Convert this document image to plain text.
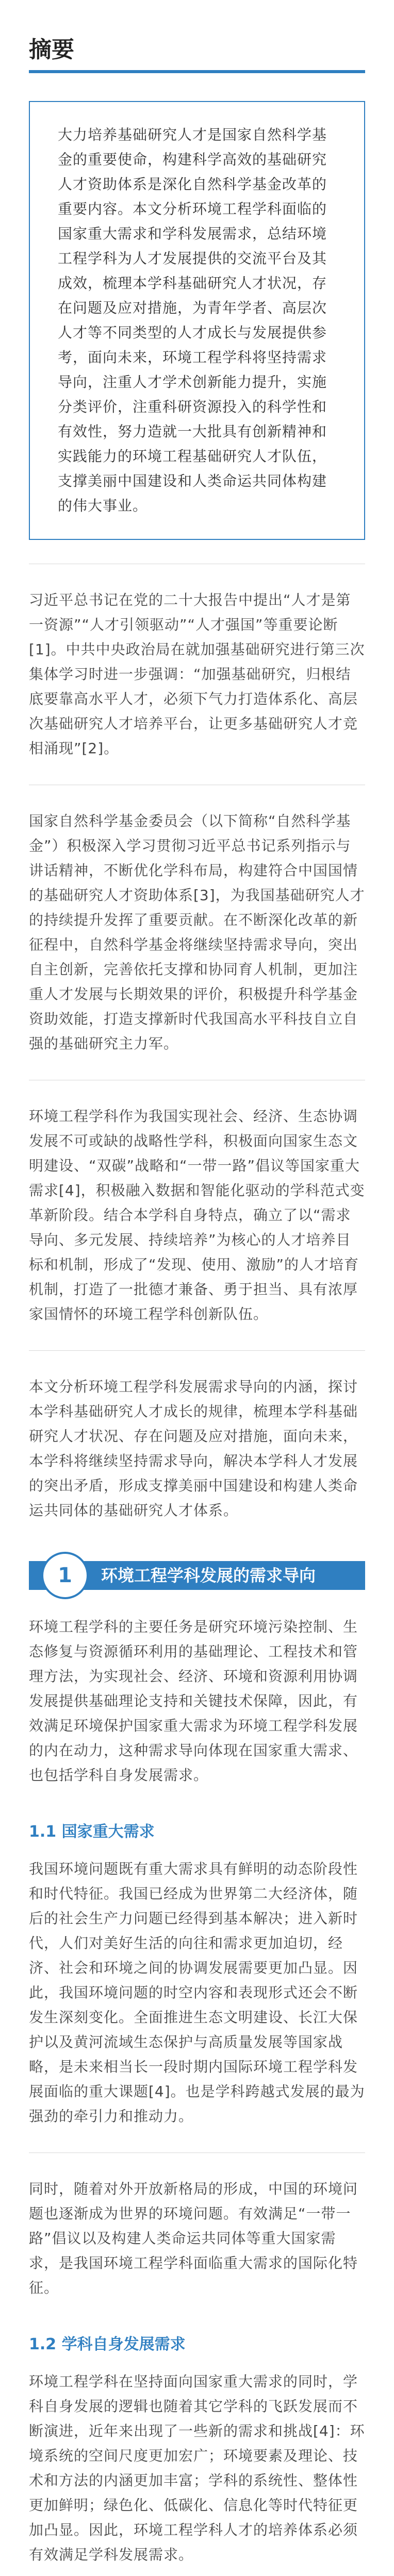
摘要

大力培养基础研究人才是国家自然科学基金的重要使命，构建科学高效的基础研究人才资助体系是深化自然科学基金改革的重要内容。本文分析环境工程学科面临的国家重大需求和学科发展需求，总结环境工程学科为人才发展提供的交流平台及其成效，梳理本学科基础研究人才状况，存在问题及应对措施，为青年学者、高层次人才等不同类型的人才成长与发展提供参考，面向未来，环境工程学科将坚持需求导向，注重人才学术创新能力提升，实施分类评价，注重科研资源投入的科学性和有效性，努力造就一大批具有创新精神和实践能力的环境工程基础研究人才队伍，支撑美丽中国建设和人类命运共同体构建的伟大事业。

习近平总书记在党的二十大报告中提出“人才是第一资源”“人才引领驱动”“人才强国”等重要论断[1]。中共中央政治局在就加强基础研究进行第三次集体学习时进一步强调：“加强基础研究，归根结底要靠高水平人才，必须下气力打造体系化、高层次基础研究人才培养平台，让更多基础研究人才竞相涌现”[2]。

国家自然科学基金委员会（以下简称“自然科学基金”）积极深入学习贯彻习近平总书记系列指示与讲话精神，不断优化学科布局，构建符合中国国情的基础研究人才资助体系[3]，为我国基础研究人才的持续提升发挥了重要贡献。在不断深化改革的新征程中，自然科学基金将继续坚持需求导向，突出自主创新，完善依托支撑和协同育人机制，更加注重人才发展与长期效果的评价，积极提升科学基金资助效能，打造支撑新时代我国高水平科技自立自强的基础研究主力军。

环境工程学科作为我国实现社会、经济、生态协调发展不可或缺的战略性学科，积极面向国家生态文明建设、“双碳”战略和“一带一路”倡议等国家重大需求[4]，积极融入数据和智能化驱动的学科范式变革新阶段。结合本学科自身特点，确立了以“需求导向、多元发展、持续培养”为核心的人才培养目标和机制，形成了“发现、使用、激励”的人才培育机制，打造了一批德才兼备、勇于担当、具有浓厚家国情怀的环境工程学科创新队伍。

本文分析环境工程学科发展需求导向的内涵，探讨本学科基础研究人才成长的规律，梳理本学科基础研究人才状况、存在问题及应对措施，面向未来，本学科将继续坚持需求导向，解决本学科人才发展的突出矛盾，形成支撑美丽中国建设和构建人类命运共同体的基础研究人才体系。

1	环境工程学科发展的需求导向

环境工程学科的主要任务是研究环境污染控制、生态修复与资源循环利用的基础理论、工程技术和管理方法，为实现社会、经济、环境和资源利用协调发展提供基础理论支持和关键技术保障，因此，有效满足环境保护国家重大需求为环境工程学科发展的内在动力，这种需求导向体现在国家重大需求、也包括学科自身发展需求。

1.1 国家重大需求

我国环境问题既有重大需求具有鲜明的动态阶段性和时代特征。我国已经成为世界第二大经济体，随后的社会生产力问题已经得到基本解决；进入新时代，人们对美好生活的向往和需求更加迫切，经济、社会和环境之间的协调发展需要更加凸显。因此，我国环境问题的时空内容和表现形式还会不断发生深刻变化。全面推进生态文明建设、长江大保护以及黄河流域生态保护与高质量发展等国家战略，是未来相当长一段时期内国际环境工程学科发展面临的重大课题[4]。也是学科跨越式发展的最为强劲的牵引力和推动力。

同时，随着对外开放新格局的形成，中国的环境问题也逐渐成为世界的环境问题。有效满足“一带一路”倡议以及构建人类命运共同体等重大国家需求，是我国环境工程学科面临重大需求的国际化特征。

1.2 学科自身发展需求

环境工程学科在坚持面向国家重大需求的同时，学科自身发展的逻辑也随着其它学科的飞跃发展而不断演进，近年来出现了一些新的需求和挑战[4]：环境系统的空间尺度更加宏广；环境要素及理论、技术和方法的内涵更加丰富；学科的系统性、整体性更加鲜明；绿色化、低碳化、信息化等时代特征更加凸显。因此，环境工程学科人才的培养体系必须有效满足学科发展需求。
